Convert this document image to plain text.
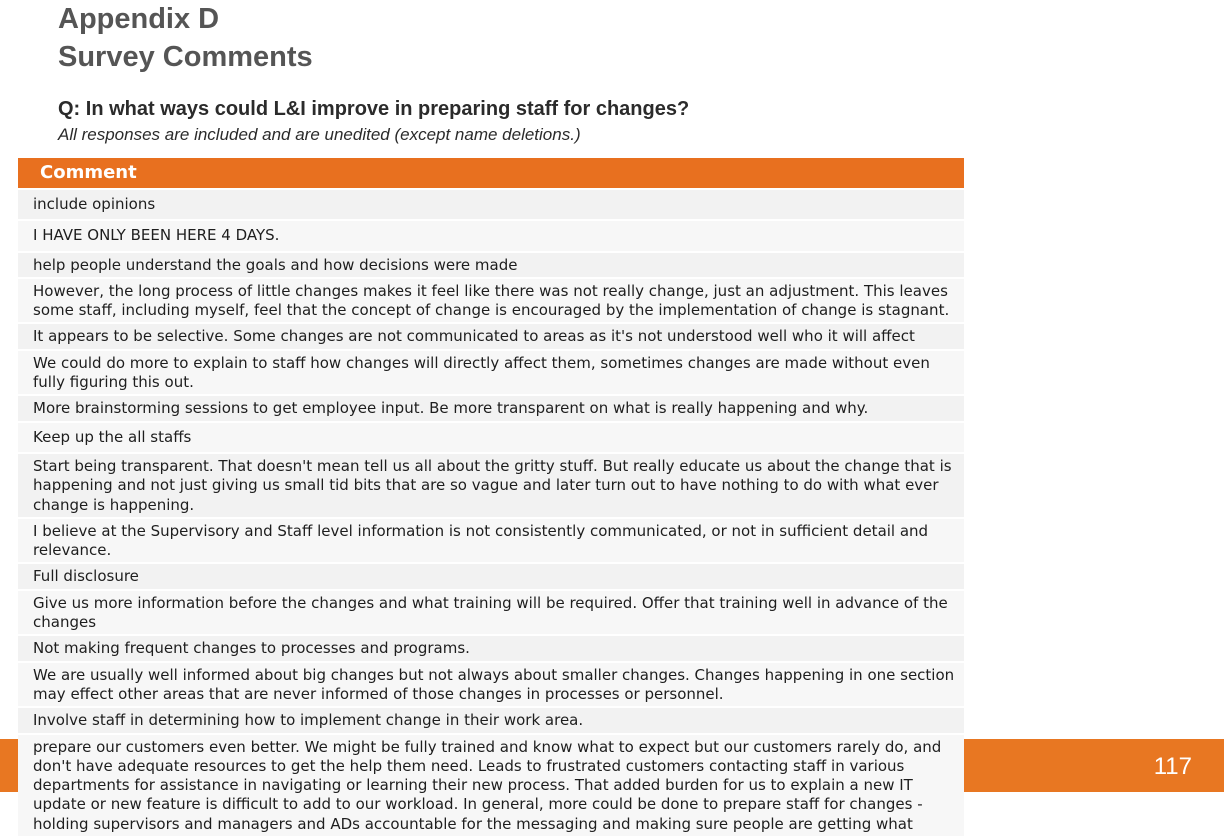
Appendix D
Survey Comments
Q: In what ways could L&I improve in preparing staff for changes?
All responses are included and are unedited (except name deletions.)
117
Comment
include opinions
I HAVE ONLY BEEN HERE 4 DAYS.
help people understand the goals and how decisions were made
However, the long process of little changes makes it feel like there was not really change, just an adjustment. This leaves some staff, including myself, feel that the concept of change is encouraged by the implementation of change is stagnant.
It appears to be selective. Some changes are not communicated to areas as it's not understood well who it will affect
We could do more to explain to staff how changes will directly affect them, sometimes changes are made without even fully figuring this out.
More brainstorming sessions to get employee input. Be more transparent on what is really happening and why.
Keep up the all staffs
Start being transparent. That doesn't mean tell us all about the gritty stuff. But really educate us about the change that is happening and not just giving us small tid bits that are so vague and later turn out to have nothing to do with what ever change is happening.
I believe at the Supervisory and Staff level information is not consistently communicated, or not in sufficient detail and relevance.
Full disclosure
Give us more information before the changes and what training will be required. Offer that training well in advance of the changes
Not making frequent changes to processes and programs.
We are usually well informed about big changes but not always about smaller changes. Changes happening in one section may effect other areas that are never informed of those changes in processes or personnel.
Involve staff in determining how to implement change in their work area.
prepare our customers even better. We might be fully trained and know what to expect but our customers rarely do, and don't have adequate resources to get the help them need. Leads to frustrated customers contacting staff in various departments for assistance in navigating or learning their new process. That added burden for us to explain a new IT update or new feature is difficult to add to our workload. In general, more could be done to prepare staff for changes - holding supervisors and managers and ADs accountable for the messaging and making sure people are getting what
